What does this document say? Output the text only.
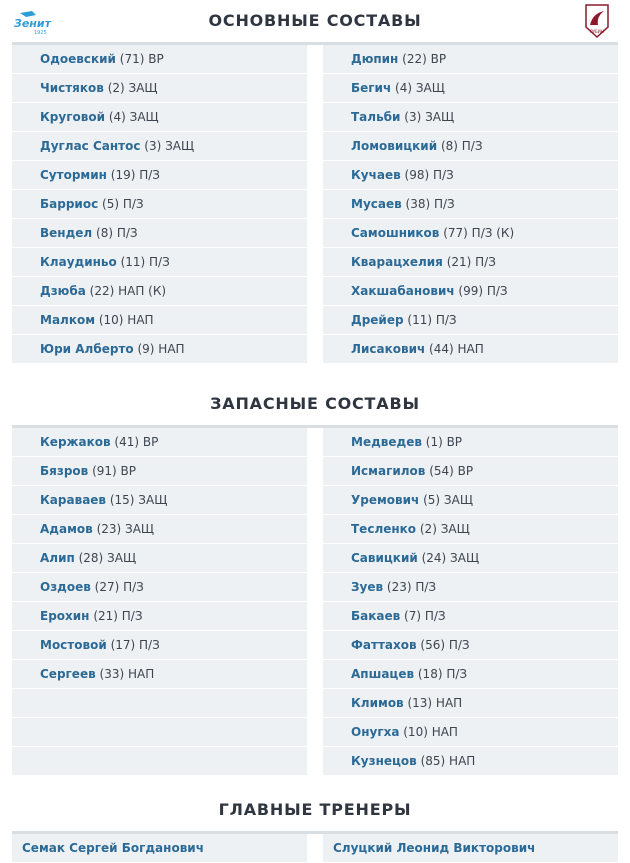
Зенит
1925
ОСНОВНЫЕ СОСТАВЫ
РУБИН
Одоевский (71) ВР
Чистяков (2) ЗАЩ
Круговой (4) ЗАЩ
Дуглас Сантос (3) ЗАЩ
Сутормин (19) П/З
Барриос (5) П/З
Вендел (8) П/З
Клаудиньо (11) П/З
Дзюба (22) НАП (К)
Малком (10) НАП
Юри Алберто (9) НАП
Дюпин (22) ВР
Бегич (4) ЗАЩ
Тальби (3) ЗАЩ
Ломовицкий (8) П/З
Кучаев (98) П/З
Мусаев (38) П/З
Самошников (77) П/З (К)
Кварацхелия (21) П/З
Хакшабанович (99) П/З
Дрейер (11) П/З
Лисакович (44) НАП
ЗАПАСНЫЕ СОСТАВЫ
Кержаков (41) ВР
Бязров (91) ВР
Караваев (15) ЗАЩ
Адамов (23) ЗАЩ
Алип (28) ЗАЩ
Оздоев (27) П/З
Ерохин (21) П/З
Мостовой (17) П/З
Сергеев (33) НАП
Медведев (1) ВР
Исмагилов (54) ВР
Уремович (5) ЗАЩ
Тесленко (2) ЗАЩ
Савицкий (24) ЗАЩ
Зуев (23) П/З
Бакаев (7) П/З
Фаттахов (56) П/З
Апшацев (18) П/З
Климов (13) НАП
Онугха (10) НАП
Кузнецов (85) НАП
ГЛАВНЫЕ ТРЕНЕРЫ
Семак Сергей Богданович	Слуцкий Леонид Викторович
